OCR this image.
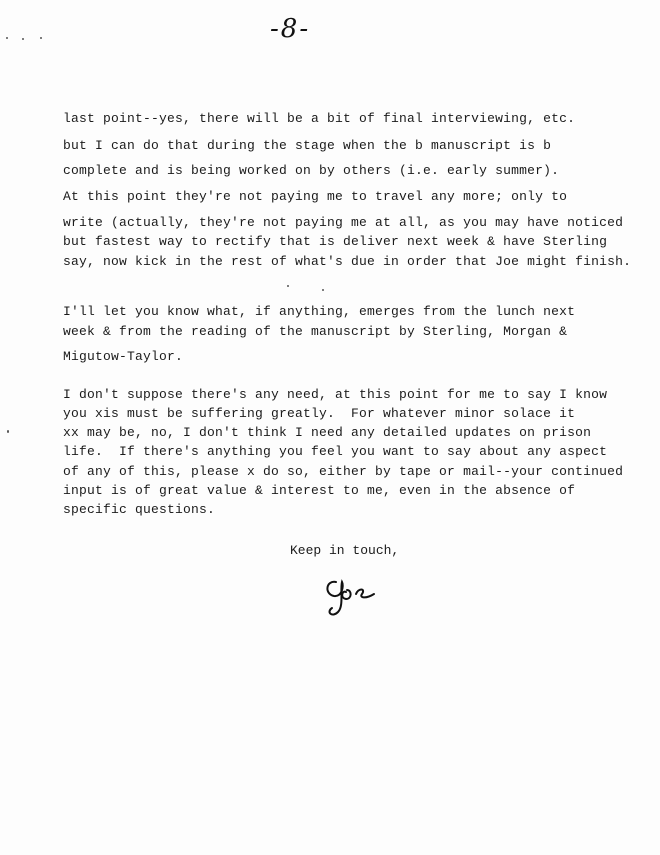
-8-
last point--yes, there will be a bit of final interviewing, etc.
but I can do that during the stage when the b manuscript is b
complete and is being worked on by others (i.e. early summer).
At this point they're not paying me to travel any more; only to
write (actually, they're not paying me at all, as you may have noticed
but fastest way to rectify that is deliver next week & have Sterling
say, now kick in the rest of what's due in order that Joe might finish.
I'll let you know what, if anything, emerges from the lunch next
week & from the reading of the manuscript by Sterling, Morgan &
Migutow-Taylor.
I don't suppose there's any need, at this point for me to say I know
you xis must be suffering greatly.  For whatever minor solace it
xx may be, no, I don't think I need any detailed updates on prison
life.  If there's anything you feel you want to say about any aspect
of any of this, please x do so, either by tape or mail--your continued
input is of great value & interest to me, even in the absence of
specific questions.
Keep in touch,
